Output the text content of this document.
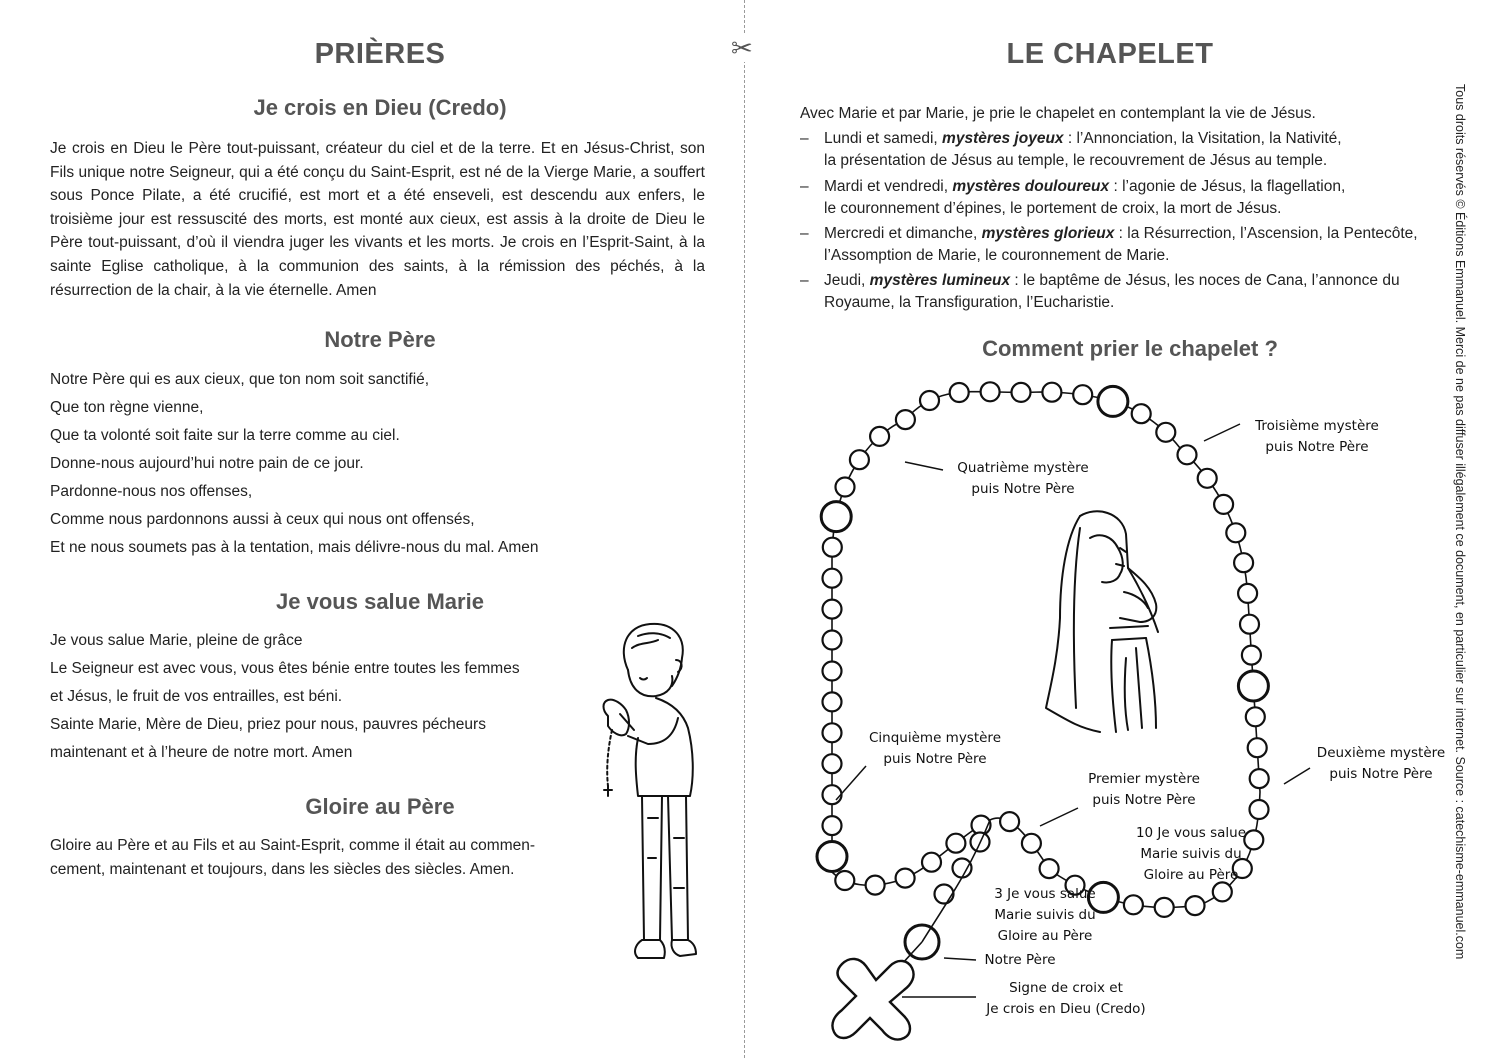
PRIÈRES
Je crois en Dieu (Credo)
Je crois en Dieu le Père tout-puissant, créateur du ciel et de la terre. Et en Jésus-Christ, son Fils unique notre Seigneur, qui a été conçu du Saint-Esprit, est né de la Vierge Marie, a souffert sous Ponce Pilate, a été crucifié, est mort et a été enseveli, est descendu aux enfers, le troisième jour est ressuscité des morts, est monté aux cieux, est assis à la droite de Dieu le Père tout-puissant, d’où il viendra juger les vivants et les morts. Je crois en l’Esprit-Saint, à la sainte Eglise catholique, à la communion des saints, à la rémission des péchés, à la résurrection de la chair, à la vie éternelle. Amen
Notre Père
Notre Père qui es aux cieux, que ton nom soit sanctifié,
Que ton règne vienne,
Que ta volonté soit faite sur la terre comme au ciel.
Donne-nous aujourd’hui notre pain de ce jour.
Pardonne-nous nos offenses,
Comme nous pardonnons aussi à ceux qui nous ont offensés,
Et ne nous soumets pas à la tentation, mais délivre-nous du mal. Amen
Je vous salue Marie
Je vous salue Marie, pleine de grâce
Le Seigneur est avec vous, vous êtes bénie entre toutes les femmes
et Jésus, le fruit de vos entrailles, est béni.
Sainte Marie, Mère de Dieu, priez pour nous, pauvres pécheurs
maintenant et à l’heure de notre mort. Amen
Gloire au Père
Gloire au Père et au Fils et au Saint-Esprit, comme il était au commen-
cement, maintenant et toujours, dans les siècles des siècles. Amen.
✂	LE CHAPELET
Avec Marie et par Marie, je prie le chapelet en contemplant la vie de Jésus.
– Lundi et samedi, mystères joyeux : l’Annonciation, la Visitation, la Nativité,
la présentation de Jésus au temple, le recouvrement de Jésus au temple.
– Mardi et vendredi, mystères douloureux : l’agonie de Jésus, la flagellation,
le couronnement d’épines, le portement de croix, la mort de Jésus.
– Mercredi et dimanche, mystères glorieux : la Résurrection, l’Ascension, la Pentecôte,
l’Assomption de Marie, le couronnement de Marie.
– Jeudi, mystères lumineux : le baptême de Jésus, les noces de Cana, l’annonce du
Royaume, la Transfiguration, l’Eucharistie.
Comment prier le chapelet ?
Troisième mystère
puis Notre Père
Quatrième mystère
puis Notre Père
Cinquième mystère
puis Notre Père	Deuxième mystère
puis Notre Père
Premier mystère
puis Notre Père
10 Je vous salue
Marie suivis du
Gloire au Père
3 Je vous salue
Marie suivis du
Gloire au Père
Notre Père
Signe de croix et
Je crois en Dieu (Credo)
Tous droits réservés © Éditions Emmanuel. Merci de ne pas diffuser illégalement ce document, en particulier sur internet. Source : catechisme-emmanuel.com
